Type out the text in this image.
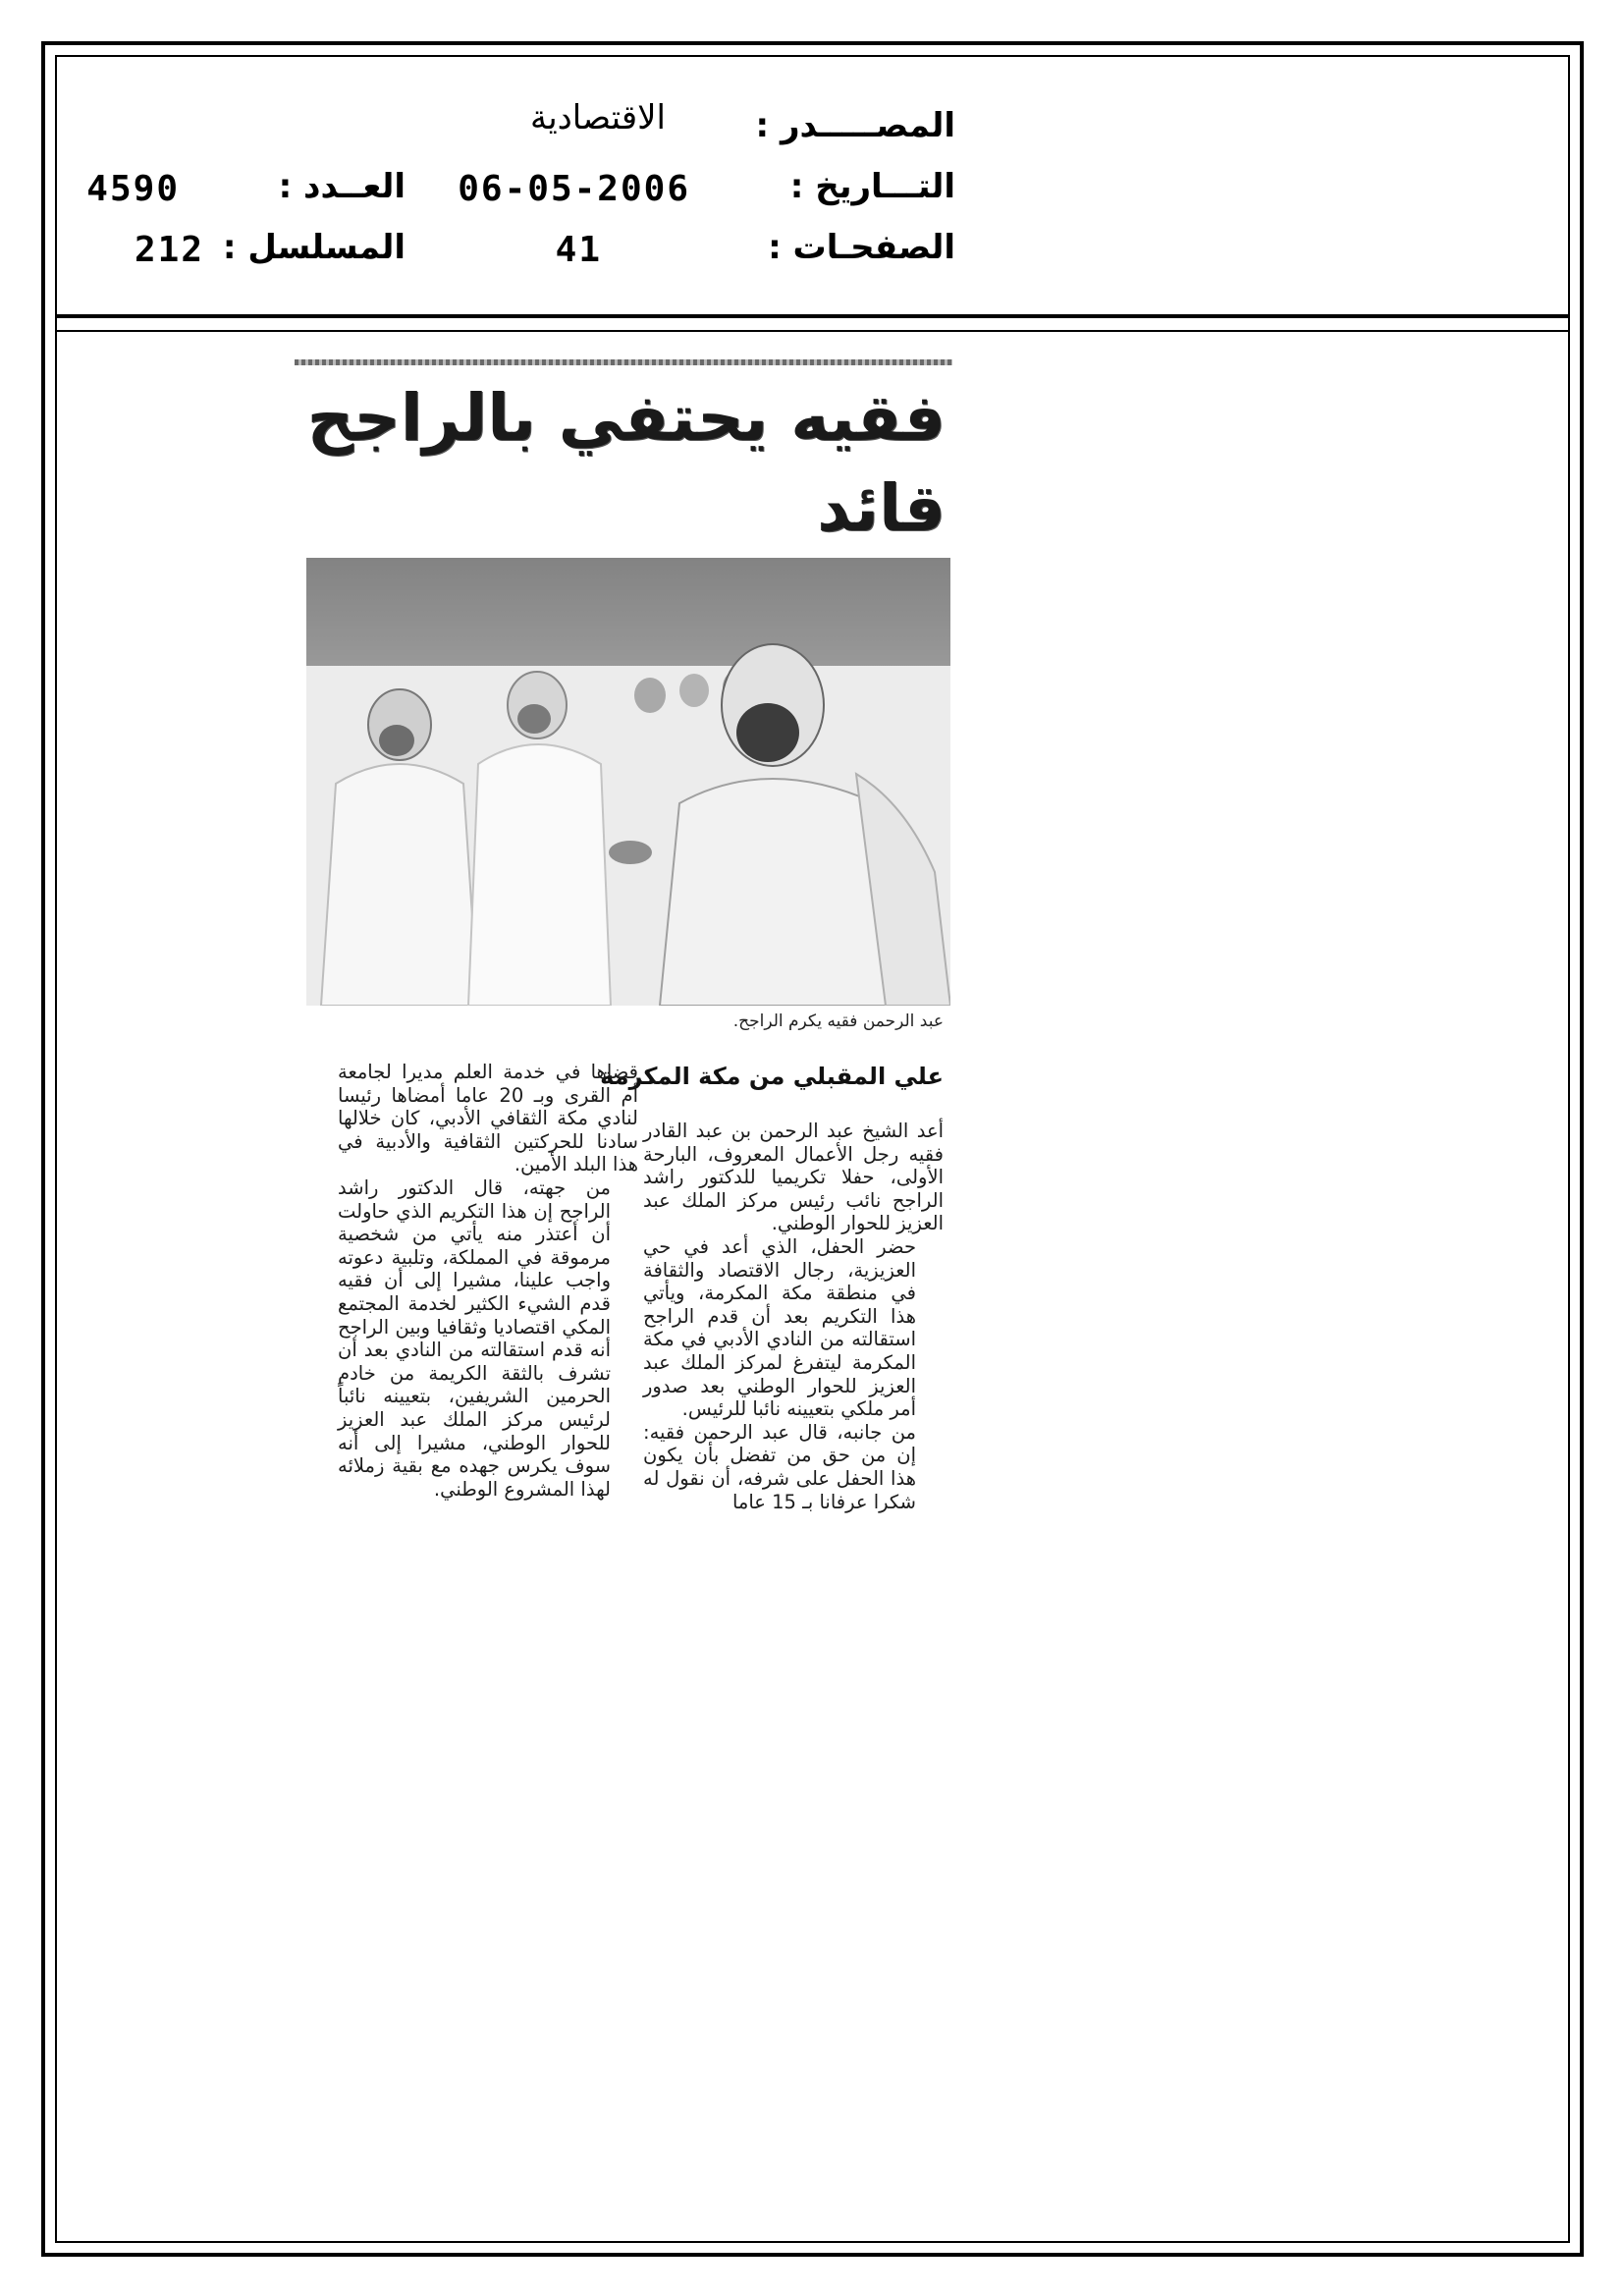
المصـــــدر :
الاقتصادية
التـــاريخ :
06-05-2006
العــدد :
4590
الصفحـات :
41
المسلسل :
212
فقيه يحتفي بالراجح قائد
عبد الرحمن فقيه يكرم الراجح.
علي المقبلي من مكة المكرمة

أعد الشيخ عبد الرحمن بن عبد القادر فقيه رجل الأعمال المعروف، البارحة الأولى، حفلا تكريميا للدكتور راشد الراجح نائب رئيس مركز الملك عبد العزيز للحوار الوطني.

حضر الحفل، الذي أعد في حي العزيزية، رجال الاقتصاد والثقافة في منطقة مكة المكرمة، ويأتي هذا التكريم بعد أن قدم الراجح استقالته من النادي الأدبي في مكة المكرمة ليتفرغ لمركز الملك عبد العزيز للحوار الوطني بعد صدور أمر ملكي بتعيينه نائبا للرئيس.

من جانبه، قال عبد الرحمن فقيه: إن من حق من تفضل بأن يكون هذا الحفل على شرفه، أن نقول له شكرا عرفانا بـ 15 عاما

قضاها في خدمة العلم مديرا لجامعة أم القرى وبـ 20 عاما أمضاها رئيسا لنادي مكة الثقافي الأدبي، كان خلالها سادنا للحركتين الثقافية والأدبية في هذا البلد الأمين.

من جهته، قال الدكتور راشد الراجح إن هذا التكريم الذي حاولت أن أعتذر منه يأتي من شخصية مرموقة في المملكة، وتلبية دعوته واجب علينا، مشيرا إلى أن فقيه قدم الشيء الكثير لخدمة المجتمع المكي اقتصاديا وثقافيا وبين الراجح أنه قدم استقالته من النادي بعد أن تشرف بالثقة الكريمة من خادم الحرمين الشريفين، بتعيينه نائباً لرئيس مركز الملك عبد العزيز للحوار الوطني، مشيرا إلى أنه سوف يكرس جهده مع بقية زملائه لهذا المشروع الوطني.
